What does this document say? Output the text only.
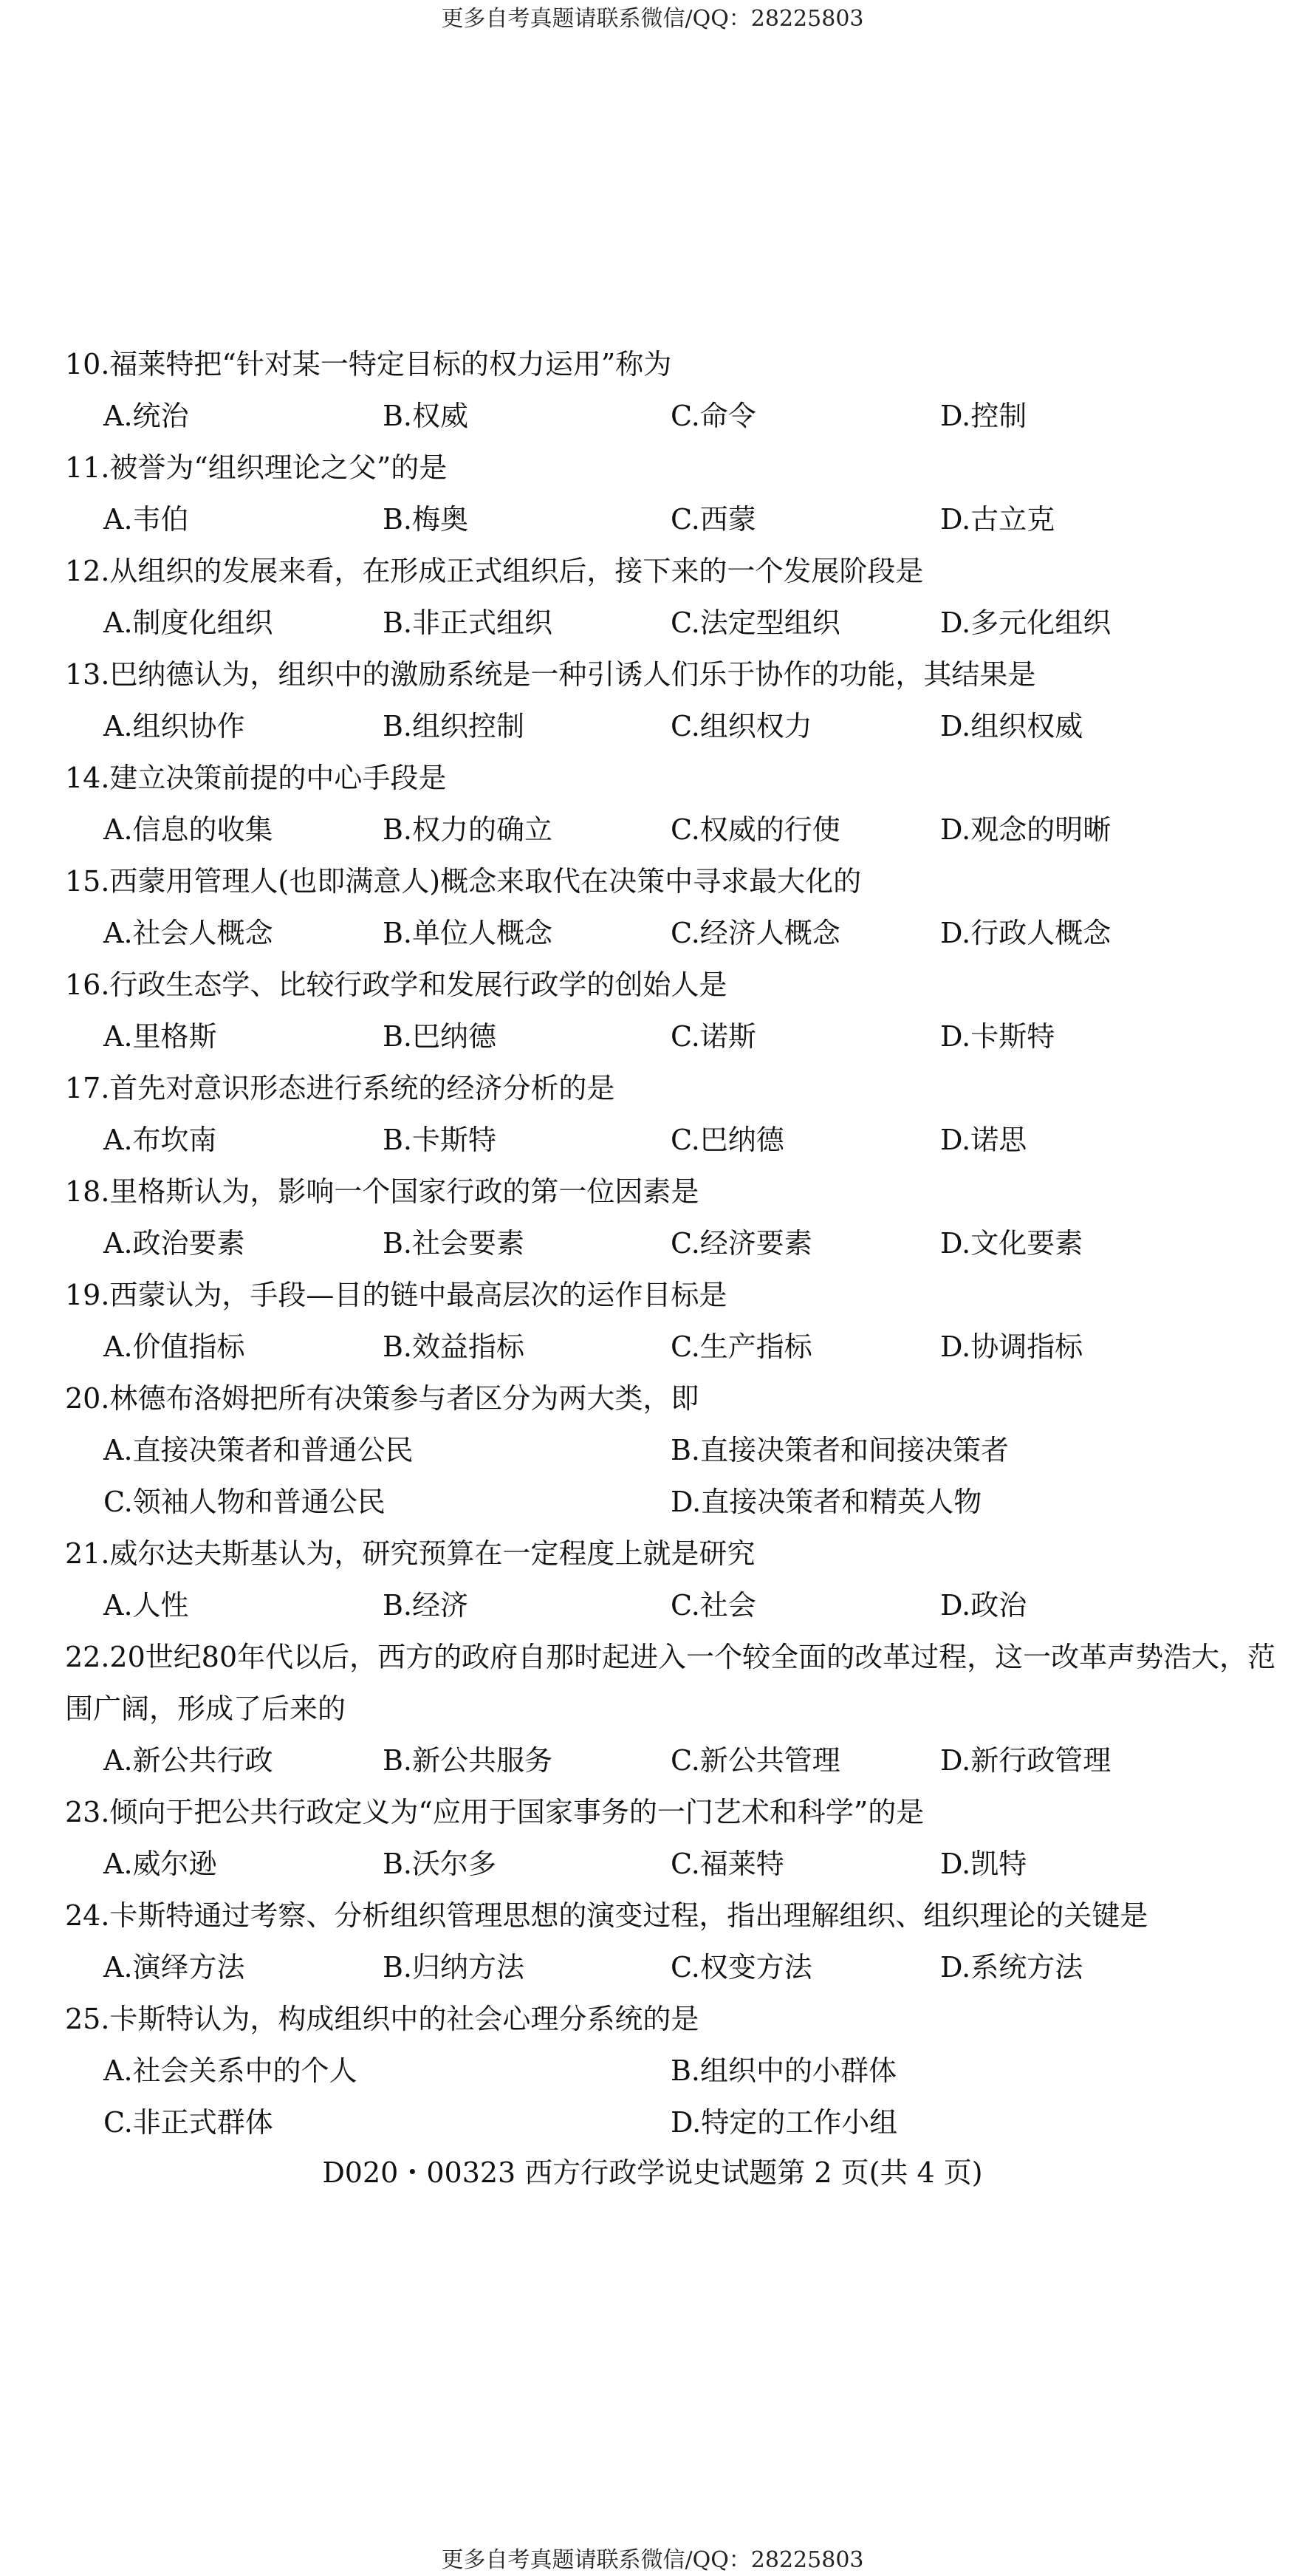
更多自考真题请联系微信/QQ：28225803
10.福莱特把“针对某一特定目标的权力运用”称为
A.统治	B.权威	C.命令	D.控制
11.被誉为“组织理论之父”的是
A.韦伯	B.梅奥	C.西蒙	D.古立克
12.从组织的发展来看，在形成正式组织后，接下来的一个发展阶段是
A.制度化组织	B.非正式组织	C.法定型组织	D.多元化组织
13.巴纳德认为，组织中的激励系统是一种引诱人们乐于协作的功能，其结果是
A.组织协作	B.组织控制	C.组织权力	D.组织权威
14.建立决策前提的中心手段是
A.信息的收集	B.权力的确立	C.权威的行使	D.观念的明晰
15.西蒙用管理人(也即满意人)概念来取代在决策中寻求最大化的
A.社会人概念	B.单位人概念	C.经济人概念	D.行政人概念
16.行政生态学、比较行政学和发展行政学的创始人是
A.里格斯	B.巴纳德	C.诺斯	D.卡斯特
17.首先对意识形态进行系统的经济分析的是
A.布坎南	B.卡斯特	C.巴纳德	D.诺思
18.里格斯认为，影响一个国家行政的第一位因素是
A.政治要素	B.社会要素	C.经济要素	D.文化要素
19.西蒙认为，手段—目的链中最高层次的运作目标是
A.价值指标	B.效益指标	C.生产指标	D.协调指标
20.林德布洛姆把所有决策参与者区分为两大类，即
A.直接决策者和普通公民	B.直接决策者和间接决策者
C.领袖人物和普通公民	D.直接决策者和精英人物
21.威尔达夫斯基认为，研究预算在一定程度上就是研究
A.人性	B.经济	C.社会	D.政治
22.20世纪80年代以后，西方的政府自那时起进入一个较全面的改革过程，这一改革声势浩大，范围广阔，形成了后来的
A.新公共行政	B.新公共服务	C.新公共管理	D.新行政管理
23.倾向于把公共行政定义为“应用于国家事务的一门艺术和科学”的是
A.威尔逊	B.沃尔多	C.福莱特	D.凯特
24.卡斯特通过考察、分析组织管理思想的演变过程，指出理解组织、组织理论的关键是
A.演绎方法	B.归纳方法	C.权变方法	D.系统方法
25.卡斯特认为，构成组织中的社会心理分系统的是
A.社会关系中的个人	B.组织中的小群体
C.非正式群体	D.特定的工作小组
D020・00323 西方行政学说史试题第 2 页(共 4 页)
更多自考真题请联系微信/QQ：28225803
